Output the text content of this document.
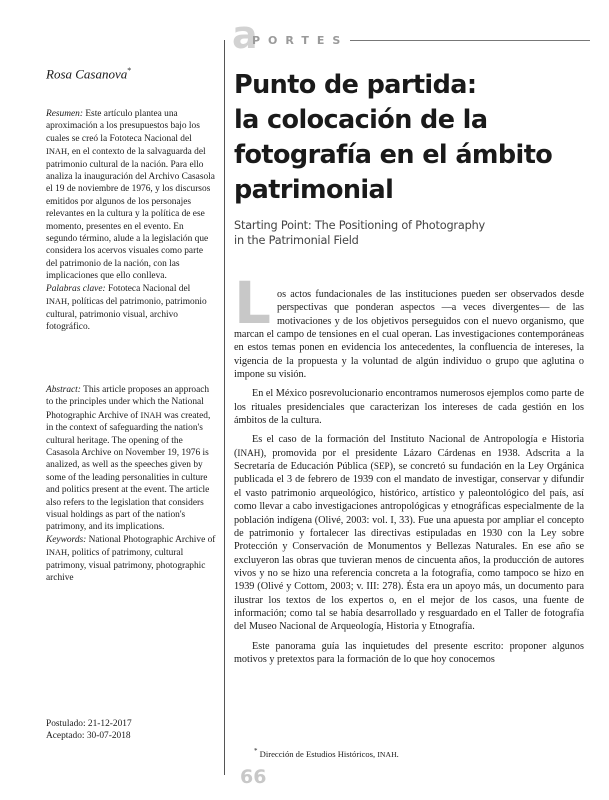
a
PORTES
Rosa Casanova*

Resumen: Este artículo plantea una aproximación a los presupuestos bajo los cuales se creó la Fototeca Nacional del INAH, en el contexto de la salvaguarda del patrimonio cultural de la nación. Para ello analiza la inauguración del Archivo Casasola el 19 de noviembre de 1976, y los discursos emitidos por algunos de los personajes relevantes en la cultura y la política de ese momento, presentes en el evento. En segundo término, alude a la legislación que considera los acervos visuales como parte del patrimonio de la nación, con las implicaciones que ello conlleva.

Palabras clave: Fototeca Nacional del INAH, políticas del patrimonio, patrimonio cultural, patrimonio visual, archivo fotográfico.

Abstract: This article proposes an approach to the principles under which the National Photographic Archive of INAH was created, in the context of safeguarding the nation's cultural heritage. The opening of the Casasola Archive on November 19, 1976 is analized, as well as the speeches given by some of the leading personalities in culture and politics present at the event. The article also refers to the legislation that considers visual holdings as part of the nation's patrimony, and its implications.

Keywords: National Photographic Archive of INAH, politics of patrimony, cultural patrimony, visual patrimony, photographic archive

Postulado: 21-12-2017
Aceptado: 30-07-2018
Punto de partida:
la colocación de la
fotografía en el ámbito
patrimonial
Starting Point: The Positioning of Photography
in the Patrimonial Field

Los actos fundacionales de las instituciones pueden ser observados desde perspectivas que ponderan aspectos —a veces divergentes— de las motivaciones y de los objetivos perseguidos con el nuevo organismo, que marcan el campo de tensiones en el cual operan. Las investigaciones contemporáneas en estos temas ponen en evidencia los antecedentes, la confluencia de intereses, la vigencia de la propuesta y la voluntad de algún individuo o grupo que aglutina o impone su visión.

En el México posrevolucionario encontramos numerosos ejemplos como parte de los rituales presidenciales que caracterizan los intereses de cada gestión en los ámbitos de la cultura.

Es el caso de la formación del Instituto Nacional de Antropología e Historia (INAH), promovida por el presidente Lázaro Cárdenas en 1938. Adscrita a la Secretaría de Educación Pública (SEP), se concretó su fundación en la Ley Orgánica publicada el 3 de febrero de 1939 con el mandato de investigar, conservar y difundir el vasto patrimonio arqueológico, histórico, artístico y paleontológico del país, así como llevar a cabo investigaciones antropológicas y etnográficas especialmente de la población indígena (Olivé, 2003: vol. I, 33). Fue una apuesta por ampliar el concepto de patrimonio y fortalecer las directivas estipuladas en 1930 con la Ley sobre Protección y Conservación de Monumentos y Bellezas Naturales. En ese año se excluyeron las obras que tuvieran menos de cincuenta años, la producción de autores vivos y no se hizo una referencia concreta a la fotografía, como tampoco se hizo en 1939 (Olivé y Cottom, 2003; v. III: 278). Ésta era un apoyo más, un documento para ilustrar los textos de los expertos o, en el mejor de los casos, una fuente de información; como tal se había desarrollado y resguardado en el Taller de fotografía del Museo Nacional de Arqueología, Historia y Etnografía.

Este panorama guía las inquietudes del presente escrito: proponer algunos motivos y pretextos para la formación de lo que hoy conocemos

* Dirección de Estudios Históricos, INAH.
66
